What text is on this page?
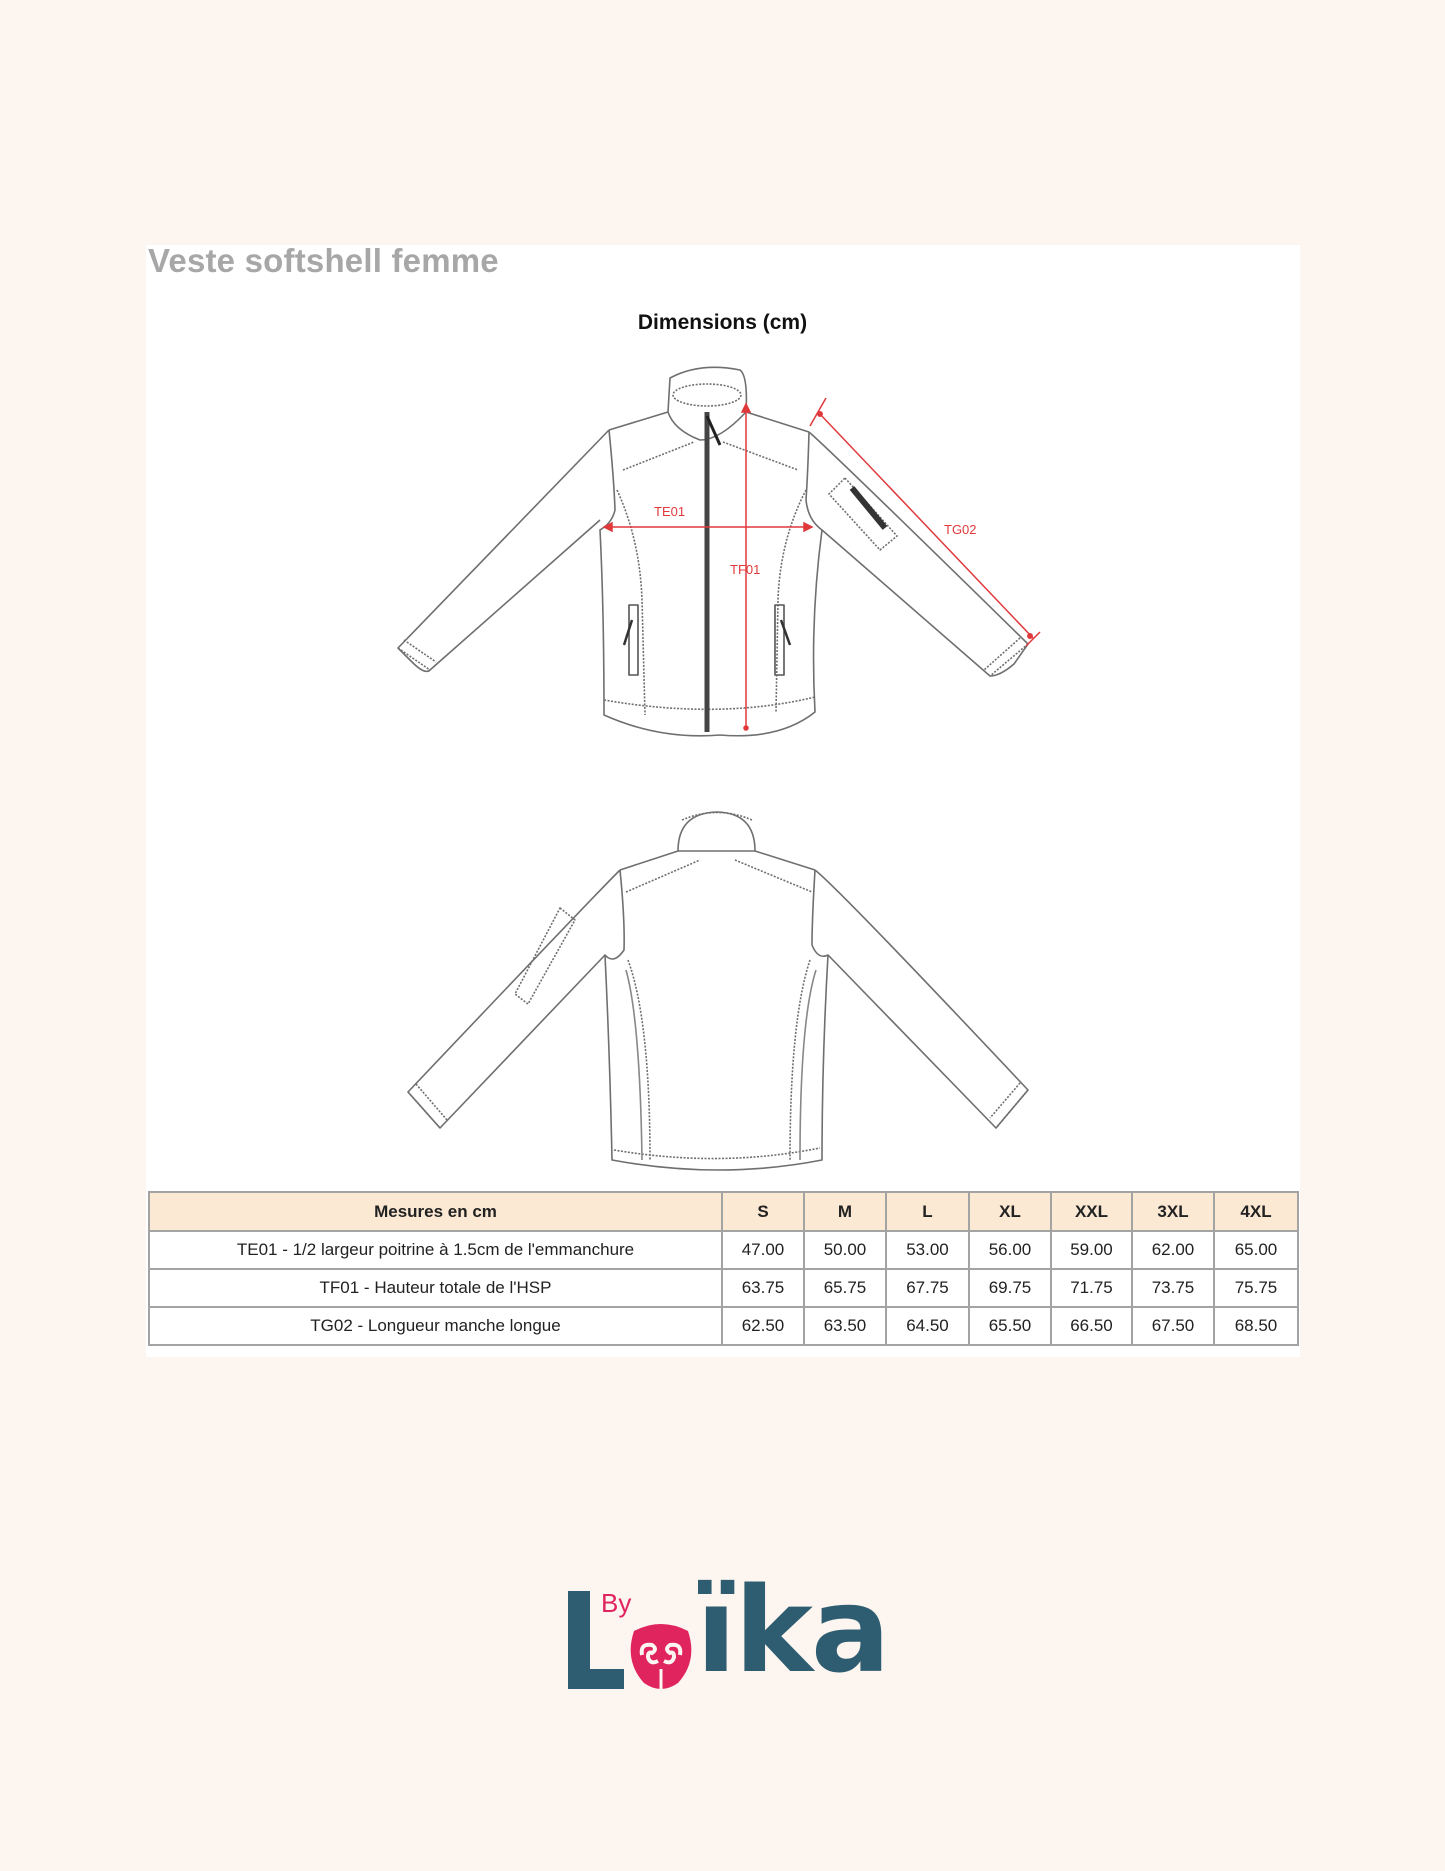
Veste softshell femme
Dimensions (cm)
TE01
TF01
TG02
Mesures en cm	S	M	L	XL	XXL	3XL	4XL
TE01 - 1/2 largeur poitrine à 1.5cm de l'emmanchure	47.00	50.00	53.00	56.00	59.00	62.00	65.00
TF01 - Hauteur totale de l'HSP	63.75	65.75	67.75	69.75	71.75	73.75	75.75
TG02 - Longueur manche longue	62.50	63.50	64.50	65.50	66.50	67.50	68.50
By ïka
